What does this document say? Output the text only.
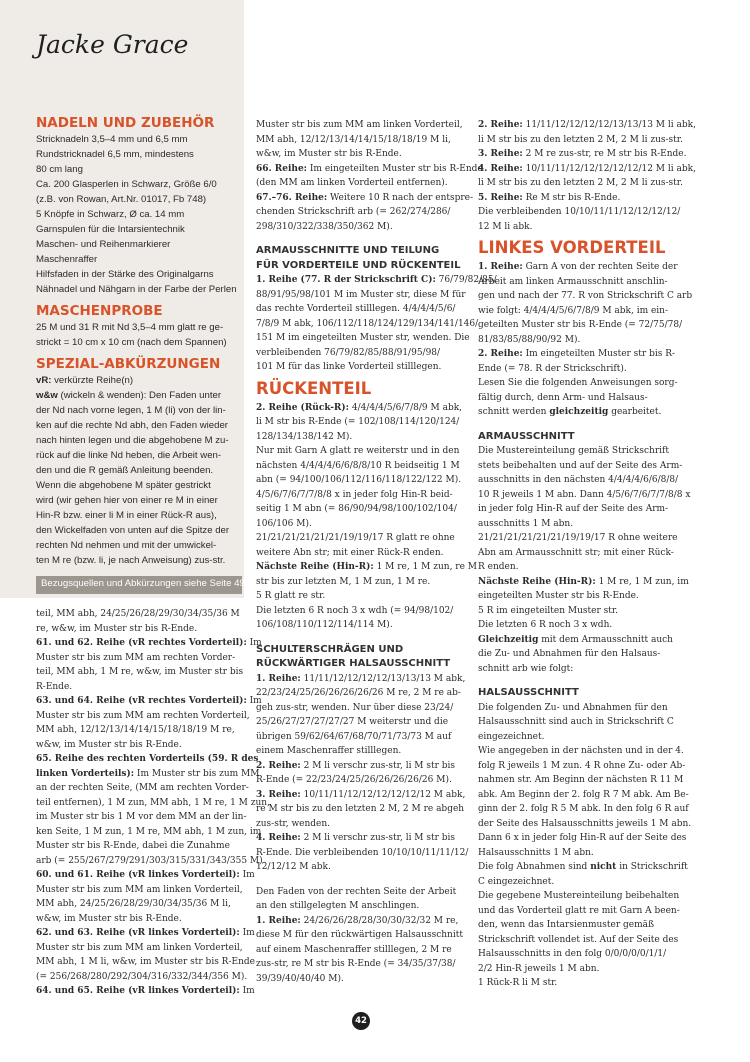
Jacke Grace
NADELN UND ZUBEHÖR
Stricknadeln 3,5–4 mm und 6,5 mm
Rundstricknadel 6,5 mm, mindestens
80 cm lang
Ca. 200 Glasperlen in Schwarz, Größe 6/0
(z.B. von Rowan, Art.Nr. 01017, Fb 748)
5 Knöpfe in Schwarz, Ø ca. 14 mm
Garnspulen für die Intarsientechnik
Maschen- und Reihenmarkierer
Maschenraffer
Hilfsfaden in der Stärke des Originalgarns
Nähnadel und Nähgarn in der Farbe der Perlen
MASCHENPROBE
25 M und 31 R mit Nd 3,5–4 mm glatt re ge-
strickt = 10 cm x 10 cm (nach dem Spannen)
SPEZIAL-ABKÜRZUNGEN
vR: verkürzte Reihe(n)
w&w (wickeln & wenden): Den Faden unter
der Nd nach vorne legen, 1 M (li) von der lin-
ken auf die rechte Nd abh, den Faden wieder
nach hinten legen und die abgehobene M zu-
rück auf die linke Nd heben, die Arbeit wen-
den und die R gemäß Anleitung beenden.
Wenn die abgehobene M später gestrickt
wird (wir gehen hier von einer re M in einer
Hin-R bzw. einer li M in einer Rück-R aus),
den Wickelfaden von unten auf die Spitze der
rechten Nd nehmen und mit der umwickel-
ten M re (bzw. li, je nach Anweisung) zus-str.
Bezugsquellen und Abkürzungen siehe Seite 49
teil, MM abh, 24/25/26/28/29/30/34/35/36 M
re, w&w, im Muster str bis R-Ende.
61. und 62. Reihe (vR rechtes Vorderteil): Im
Muster str bis zum MM am rechten Vorder-
teil, MM abh, 1 M re, w&w, im Muster str bis
R-Ende.
63. und 64. Reihe (vR rechtes Vorderteil): Im
Muster str bis zum MM am rechten Vorderteil,
MM abh, 12/12/13/14/14/15/18/18/19 M re,
w&w, im Muster str bis R-Ende.
65. Reihe des rechten Vorderteils (59. R des
linken Vorderteils): Im Muster str bis zum MM
an der rechten Seite, (MM am rechten Vorder-
teil entfernen), 1 M zun, MM abh, 1 M re, 1 M zun,
im Muster str bis 1 M vor dem MM an der lin-
ken Seite, 1 M zun, 1 M re, MM abh, 1 M zun, im
Muster str bis R-Ende, dabei die Zunahme
arb (= 255/267/279/291/303/315/331/343/355 M).
60. und 61. Reihe (vR linkes Vorderteil): Im
Muster str bis zum MM am linken Vorderteil,
MM abh, 24/25/26/28/29/30/34/35/36 M li,
w&w, im Muster str bis R-Ende.
62. und 63. Reihe (vR linkes Vorderteil): Im
Muster str bis zum MM am linken Vorderteil,
MM abh, 1 M li, w&w, im Muster str bis R-Ende
(= 256/268/280/292/304/316/332/344/356 M).
64. und 65. Reihe (vR linkes Vorderteil): Im
Muster str bis zum MM am linken Vorderteil,
MM abh, 12/12/13/14/14/15/18/18/19 M li,
w&w, im Muster str bis R-Ende.
66. Reihe: Im eingeteilten Muster str bis R-Ende
(den MM am linken Vorderteil entfernen).
67.–76. Reihe: Weitere 10 R nach der entspre-
chenden Strickschrift arb (= 262/274/286/
298/310/322/338/350/362 M).
ARMAUSSCHNITTE UND TEILUNG
FÜR VORDERTEILE UND RÜCKENTEIL
1. Reihe (77. R der Strickschrift C): 76/79/82/85/
88/91/95/98/101 M im Muster str, diese M für
das rechte Vorderteil stilllegen. 4/4/4/4/5/6/
7/8/9 M abk, 106/112/118/124/129/134/141/146/
151 M im eingeteilten Muster str, wenden. Die
verbleibenden 76/79/82/85/88/91/95/98/
101 M für das linke Vorderteil stilllegen.
RÜCKENTEIL
2. Reihe (Rück-R): 4/4/4/4/5/6/7/8/9 M abk,
li M str bis R-Ende (= 102/108/114/120/124/
128/134/138/142 M).
Nur mit Garn A glatt re weiterstr und in den
nächsten 4/4/4/4/6/6/8/8/10 R beidseitig 1 M
abn (= 94/100/106/112/116/118/122/122 M).
4/5/6/7/6/7/7/8/8 x in jeder folg Hin-R beid-
seitig 1 M abn (= 86/90/94/98/100/102/104/
106/106 M).
21/21/21/21/21/21/19/19/17 R glatt re ohne
weitere Abn str; mit einer Rück-R enden.
Nächste Reihe (Hin-R): 1 M re, 1 M zun, re M
str bis zur letzten M, 1 M zun, 1 M re.
5 R glatt re str.
Die letzten 6 R noch 3 x wdh (= 94/98/102/
106/108/110/112/114/114 M).
SCHULTERSCHRÄGEN UND
RÜCKWÄRTIGER HALSAUSSCHNITT
1. Reihe: 11/11/12/12/12/12/13/13/13 M abk,
22/23/24/25/26/26/26/26/26 M re, 2 M re ab-
geh zus-str, wenden. Nur über diese 23/24/
25/26/27/27/27/27/27 M weiterstr und die
übrigen 59/62/64/67/68/70/71/73/73 M auf
einem Maschenraffer stilllegen.
2. Reihe: 2 M li verschr zus-str, li M str bis
R-Ende (= 22/23/24/25/26/26/26/26/26 M).
3. Reihe: 10/11/11/12/12/12/12/12/12 M abk,
re M str bis zu den letzten 2 M, 2 M re abgeh
zus-str, wenden.
4. Reihe: 2 M li verschr zus-str, li M str bis
R-Ende. Die verbleibenden 10/10/10/11/11/12/
12/12/12 M abk.
Den Faden von der rechten Seite der Arbeit
an den stillgelegten M anschlingen.
1. Reihe: 24/26/26/28/28/30/30/32/32 M re,
diese M für den rückwärtigen Halsausschnitt
auf einem Maschenraffer stilllegen, 2 M re
zus-str, re M str bis R-Ende (= 34/35/37/38/
39/39/40/40/40 M).
2. Reihe: 11/11/12/12/12/12/13/13/13 M li abk,
li M str bis zu den letzten 2 M, 2 M li zus-str.
3. Reihe: 2 M re zus-str, re M str bis R-Ende.
4. Reihe: 10/11/11/12/12/12/12/12/12 M li abk,
li M str bis zu den letzten 2 M, 2 M li zus-str.
5. Reihe: Re M str bis R-Ende.
Die verbleibenden 10/10/11/11/12/12/12/12/
12 M li abk.
LINKES VORDERTEIL
1. Reihe: Garn A von der rechten Seite der
Arbeit am linken Armausschnitt anschlin-
gen und nach der 77. R von Strickschrift C arb
wie folgt: 4/4/4/4/5/6/7/8/9 M abk, im ein-
geteilten Muster str bis R-Ende (= 72/75/78/
81/83/85/88/90/92 M).
2. Reihe: Im eingeteilten Muster str bis R-
Ende (= 78. R der Strickschrift).
Lesen Sie die folgenden Anweisungen sorg-
fältig durch, denn Arm- und Halsaus-
schnitt werden gleichzeitig gearbeitet.
ARMAUSSCHNITT
Die Mustereinteilung gemäß Strickschrift
stets beibehalten und auf der Seite des Arm-
ausschnitts in den nächsten 4/4/4/4/6/6/8/8/
10 R jeweils 1 M abn. Dann 4/5/6/7/6/7/7/8/8 x
in jeder folg Hin-R auf der Seite des Arm-
ausschnitts 1 M abn.
21/21/21/21/21/21/19/19/17 R ohne weitere
Abn am Armausschnitt str; mit einer Rück-
R enden.
Nächste Reihe (Hin-R): 1 M re, 1 M zun, im
eingeteilten Muster str bis R-Ende.
5 R im eingeteilten Muster str.
Die letzten 6 R noch 3 x wdh.
Gleichzeitig mit dem Armausschnitt auch
die Zu- und Abnahmen für den Halsaus-
schnitt arb wie folgt:
HALSAUSSCHNITT
Die folgenden Zu- und Abnahmen für den
Halsausschnitt sind auch in Strickschrift C
eingezeichnet.
Wie angegeben in der nächsten und in der 4.
folg R jeweils 1 M zun. 4 R ohne Zu- oder Ab-
nahmen str. Am Beginn der nächsten R 11 M
abk. Am Beginn der 2. folg R 7 M abk. Am Be-
ginn der 2. folg R 5 M abk. In den folg 6 R auf
der Seite des Halsausschnitts jeweils 1 M abn.
Dann 6 x in jeder folg Hin-R auf der Seite des
Halsausschnitts 1 M abn.
Die folg Abnahmen sind nicht in Strickschrift
C eingezeichnet.
Die gegebene Mustereinteilung beibehalten
und das Vorderteil glatt re mit Garn A been-
den, wenn das Intarsienmuster gemäß
Strickschrift vollendet ist. Auf der Seite des
Halsausschnitts in den folg 0/0/0/0/0/1/1/
2/2 Hin-R jeweils 1 M abn.
1 Rück-R li M str.
42
